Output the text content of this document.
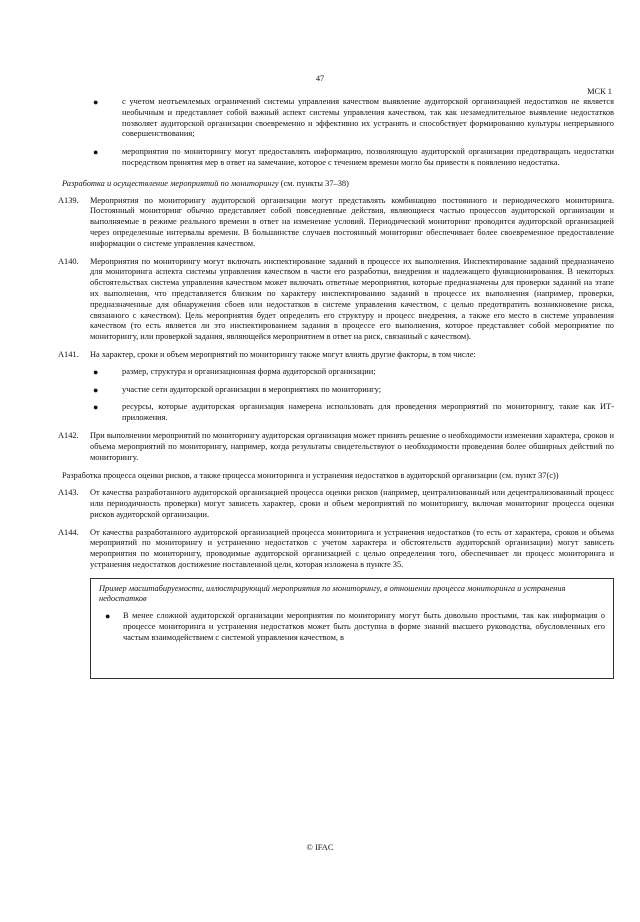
47
МСК 1
●	с учетом неотъемлемых ограничений системы управления качеством выявление аудиторской организацией недостатков не является необычным и представляет собой важный аспект системы управления качеством, так как незамедлительное выявление недостатков позволяет аудиторской организации своевременно и эффективно их устранять и способствует формированию культуры непрерывного совершенствования;
●	мероприятия по мониторингу могут предоставлять информацию, позволяющую аудиторской организации предотвращать недостатки посредством принятия мер в ответ на замечание, которое с течением времени могло бы привести к появлению недостатка.
Разработка и осуществление мероприятий по мониторингу (см. пункты 37–38)
A139. Мероприятия по мониторингу аудиторской организации могут представлять комбинацию постоянного и периодического мониторинга. Постоянный мониторинг обычно представляет собой повседневные действия, являющиеся частью процессов аудиторской организации и выполняемые в режиме реального времени в ответ на изменение условий. Периодический мониторинг проводится аудиторской организацией через определенные интервалы времени. В большинстве случаев постоянный мониторинг обеспечивает более своевременное предоставление информации о системе управления качеством.
A140. Мероприятия по мониторингу могут включать инспектирование заданий в процессе их выполнения. Инспектирование заданий предназначено для мониторинга аспекта системы управления качеством в части его разработки, внедрения и надлежащего функционирования. В некоторых обстоятельствах система управления качеством может включать ответные мероприятия, которые предназначены для проверки заданий на этапе их выполнения, что представляется близким по характеру инспектированию заданий в процессе их выполнения (например, проверки, предназначенные для обнаружения сбоев или недостатков в системе управления качеством, с целью предотвратить возникновение риска, связанного с качеством). Цель мероприятия будет определять его структуру и процесс внедрения, а также его место в системе управления качеством (то есть является ли это инспектированием задания в процессе его выполнения, которое представляет собой мероприятие по мониторингу, или проверкой задания, являющейся мероприятием в ответ на риск, связанный с качеством).
A141. На характер, сроки и объем мероприятий по мониторингу также могут влиять другие факторы, в том числе:
●	размер, структура и организационная форма аудиторской организации;
●	участие сети аудиторской организации в мероприятиях по мониторингу;
●	ресурсы, которые аудиторская организация намерена использовать для проведения мероприятий по мониторингу, такие как ИТ-приложения.
A142. При выполнении мероприятий по мониторингу аудиторская организация может принять решение о необходимости изменения характера, сроков и объема мероприятий по мониторингу, например, когда результаты свидетельствуют о необходимости проведения более обширных действий по мониторингу.
Разработка процесса оценки рисков, а также процесса мониторинга и устранения недостатков в аудиторской организации (см. пункт 37(с))
A143. От качества разработанного аудиторской организацией процесса оценки рисков (например, централизованный или децентрализованный процесс или периодичность проверки) могут зависеть характер, сроки и объем мероприятий по мониторингу, включая мониторинг процесса оценки рисков аудиторской организации.
A144. От качества разработанного аудиторской организацией процесса мониторинга и устранения недостатков (то есть от характера, сроков и объема мероприятий по мониторингу и устранению недостатков с учетом характера и обстоятельств аудиторской организации) могут зависеть мероприятия по мониторингу, проводимые аудиторской организацией с целью определения того, обеспечивает ли процесс мониторинга и устранения недостатков достижение поставленной цели, которая изложена в пункте 35.
Пример масштабируемости, иллюстрирующий мероприятия по мониторингу, в отношении процесса мониторинга и устранения недостатков
● В менее сложной аудиторской организации мероприятия по мониторингу могут быть довольно простыми, так как информация о процессе мониторинга и устранения недостатков может быть доступна в форме знаний высшего руководства, обусловленных его частым взаимодействием с системой управления качеством, в
© IFAC
